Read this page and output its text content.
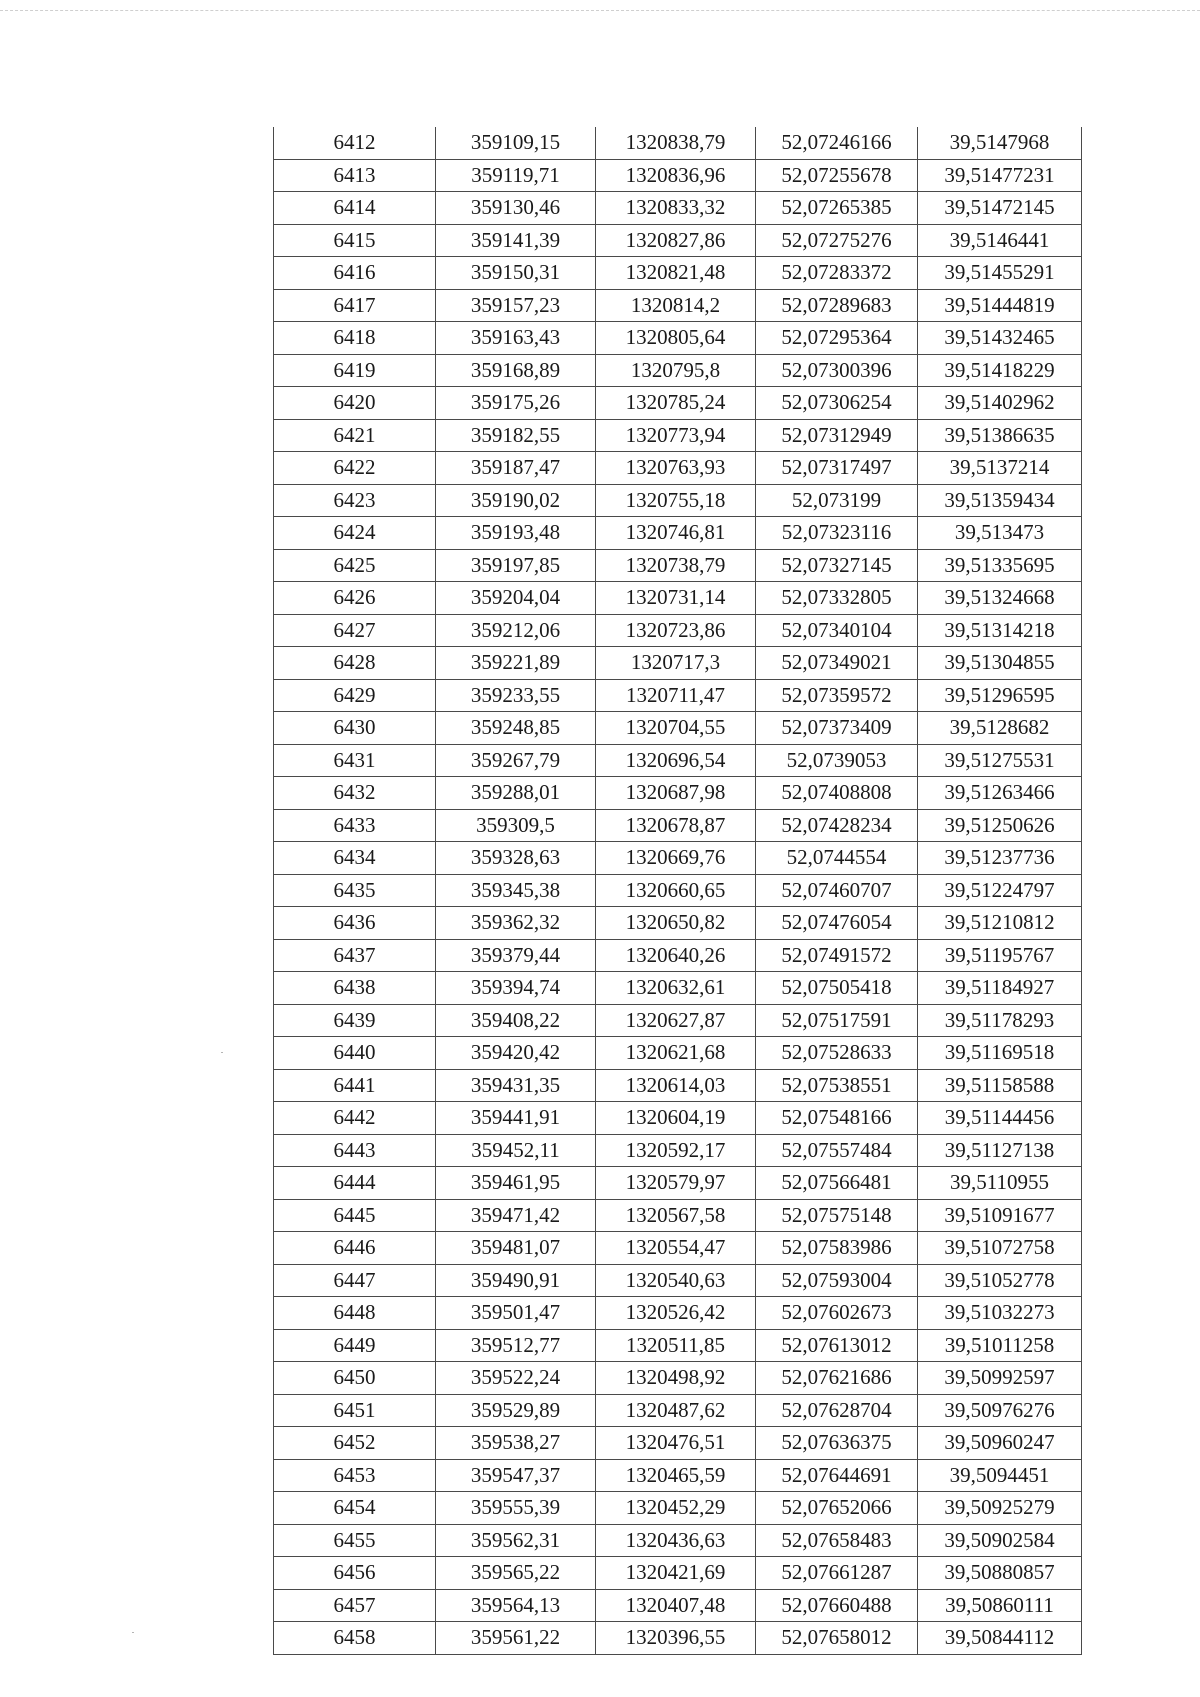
6412	359109,15	1320838,79	52,07246166	39,5147968
6413	359119,71	1320836,96	52,07255678	39,51477231
6414	359130,46	1320833,32	52,07265385	39,51472145
6415	359141,39	1320827,86	52,07275276	39,5146441
6416	359150,31	1320821,48	52,07283372	39,51455291
6417	359157,23	1320814,2	52,07289683	39,51444819
6418	359163,43	1320805,64	52,07295364	39,51432465
6419	359168,89	1320795,8	52,07300396	39,51418229
6420	359175,26	1320785,24	52,07306254	39,51402962
6421	359182,55	1320773,94	52,07312949	39,51386635
6422	359187,47	1320763,93	52,07317497	39,5137214
6423	359190,02	1320755,18	52,073199	39,51359434
6424	359193,48	1320746,81	52,07323116	39,513473
6425	359197,85	1320738,79	52,07327145	39,51335695
6426	359204,04	1320731,14	52,07332805	39,51324668
6427	359212,06	1320723,86	52,07340104	39,51314218
6428	359221,89	1320717,3	52,07349021	39,51304855
6429	359233,55	1320711,47	52,07359572	39,51296595
6430	359248,85	1320704,55	52,07373409	39,5128682
6431	359267,79	1320696,54	52,0739053	39,51275531
6432	359288,01	1320687,98	52,07408808	39,51263466
6433	359309,5	1320678,87	52,07428234	39,51250626
6434	359328,63	1320669,76	52,0744554	39,51237736
6435	359345,38	1320660,65	52,07460707	39,51224797
6436	359362,32	1320650,82	52,07476054	39,51210812
6437	359379,44	1320640,26	52,07491572	39,51195767
6438	359394,74	1320632,61	52,07505418	39,51184927
6439	359408,22	1320627,87	52,07517591	39,51178293
6440	359420,42	1320621,68	52,07528633	39,51169518
6441	359431,35	1320614,03	52,07538551	39,51158588
6442	359441,91	1320604,19	52,07548166	39,51144456
6443	359452,11	1320592,17	52,07557484	39,51127138
6444	359461,95	1320579,97	52,07566481	39,5110955
6445	359471,42	1320567,58	52,07575148	39,51091677
6446	359481,07	1320554,47	52,07583986	39,51072758
6447	359490,91	1320540,63	52,07593004	39,51052778
6448	359501,47	1320526,42	52,07602673	39,51032273
6449	359512,77	1320511,85	52,07613012	39,51011258
6450	359522,24	1320498,92	52,07621686	39,50992597
6451	359529,89	1320487,62	52,07628704	39,50976276
6452	359538,27	1320476,51	52,07636375	39,50960247
6453	359547,37	1320465,59	52,07644691	39,5094451
6454	359555,39	1320452,29	52,07652066	39,50925279
6455	359562,31	1320436,63	52,07658483	39,50902584
6456	359565,22	1320421,69	52,07661287	39,50880857
6457	359564,13	1320407,48	52,07660488	39,50860111
6458	359561,22	1320396,55	52,07658012	39,50844112
